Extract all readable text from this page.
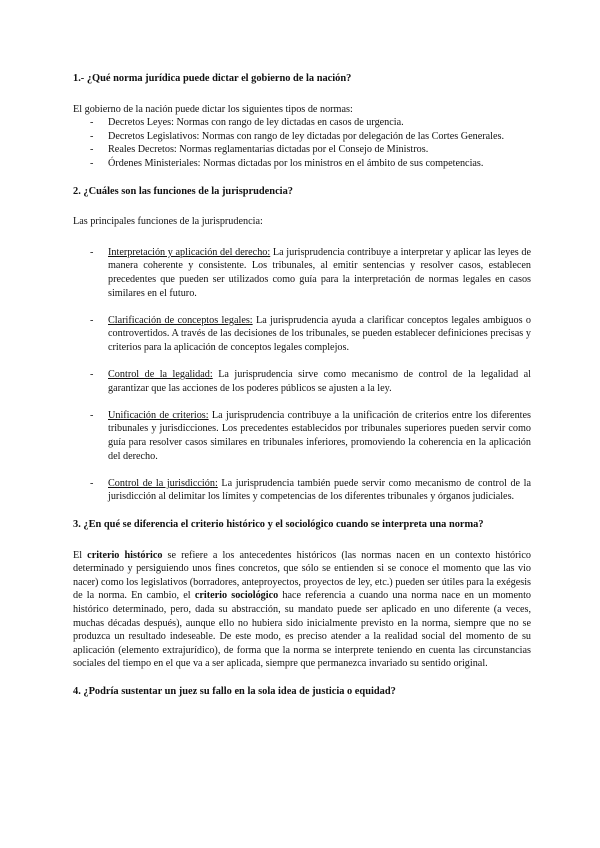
1.- ¿Qué norma jurídica puede dictar el gobierno de la nación?

El gobierno de la nación puede dictar los siguientes tipos de normas:

- Decretos Leyes: Normas con rango de ley dictadas en casos de urgencia.
- Decretos Legislativos: Normas con rango de ley dictadas por delegación de las Cortes Generales.
- Reales Decretos: Normas reglamentarias dictadas por el Consejo de Ministros.
- Órdenes Ministeriales: Normas dictadas por los ministros en el ámbito de sus competencias.
2. ¿Cuáles son las funciones de la jurisprudencia?

Las principales funciones de la jurisprudencia:

- Interpretación y aplicación del derecho: La jurisprudencia contribuye a interpretar y aplicar las leyes de manera coherente y consistente. Los tribunales, al emitir sentencias y resolver casos, establecen precedentes que pueden ser utilizados como guía para la interpretación de normas legales en casos similares en el futuro.
- Clarificación de conceptos legales: La jurisprudencia ayuda a clarificar conceptos legales ambiguos o controvertidos. A través de las decisiones de los tribunales, se pueden establecer definiciones precisas y criterios para la aplicación de conceptos legales complejos.
- Control de la legalidad: La jurisprudencia sirve como mecanismo de control de la legalidad al garantizar que las acciones de los poderes públicos se ajusten a la ley.
- Unificación de criterios: La jurisprudencia contribuye a la unificación de criterios entre los diferentes tribunales y jurisdicciones. Los precedentes establecidos por tribunales superiores pueden servir como guía para resolver casos similares en tribunales inferiores, promoviendo la coherencia en la aplicación del derecho.
- Control de la jurisdicción: La jurisprudencia también puede servir como mecanismo de control de la jurisdicción al delimitar los límites y competencias de los diferentes tribunales y órganos judiciales.
3. ¿En qué se diferencia el criterio histórico y el sociológico cuando se interpreta una norma?

El criterio histórico se refiere a los antecedentes históricos (las normas nacen en un contexto histórico determinado y persiguiendo unos fines concretos, que sólo se entienden si se conoce el momento que las vio nacer) como los legislativos (borradores, anteproyectos, proyectos de ley, etc.) pueden ser útiles para la exégesis de la norma. En cambio, el criterio sociológico hace referencia a cuando una norma nace en un momento histórico determinado, pero, dada su abstracción, su mandato puede ser aplicado en uno diferente (a veces, muchas décadas después), aunque ello no hubiera sido inicialmente previsto en la norma, siempre que no se produzca un resultado indeseable. De este modo, es preciso atender a la realidad social del momento de su aplicación (elemento extrajurídico), de forma que la norma se interprete teniendo en cuenta las circunstancias sociales del tiempo en el que va a ser aplicada, siempre que permanezca invariado su sentido original.

4. ¿Podría sustentar un juez su fallo en la sola idea de justicia o equidad?
